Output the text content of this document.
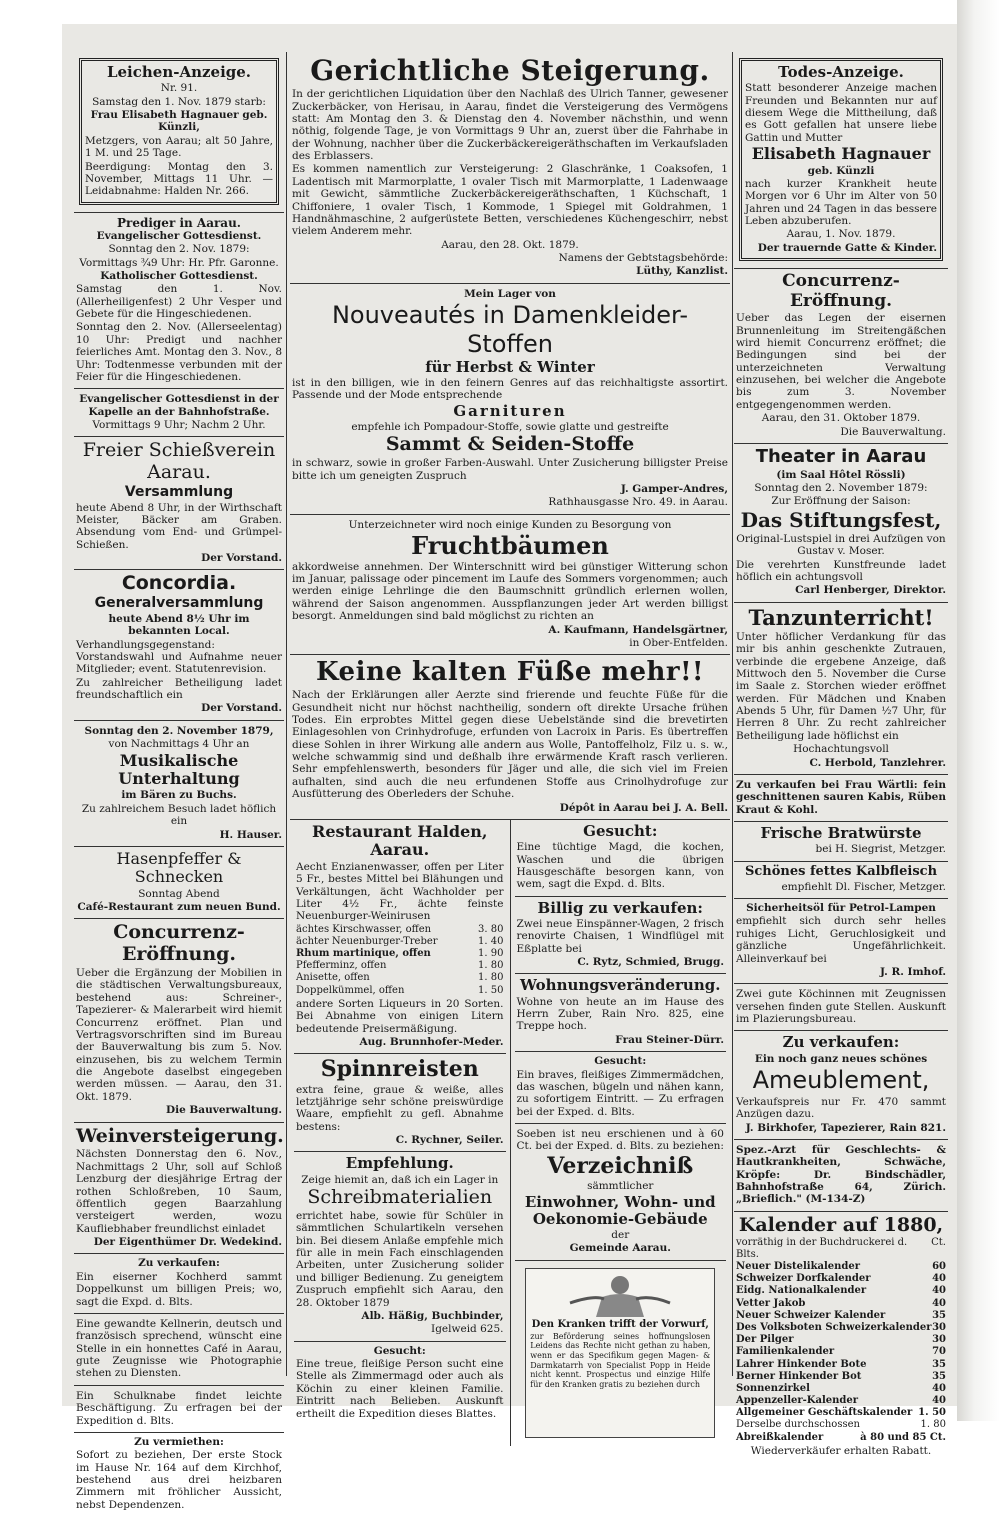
Leichen-Anzeige.

Nr. 91.

Samstag den 1. Nov. 1879 starb:

Frau Elisabeth Hagnauer geb. Künzli,

Metzgers, von Aarau; alt 50 Jahre, 1 M. und 25 Tage.

Beerdigung: Montag den 3. November, Mittags 11 Uhr. — Leidabnahme: Halden Nr. 266.

Prediger in Aarau.
Evangelischer Gottesdienst.

Sonntag den 2. Nov. 1879:

Vormittags ¾9 Uhr: Hr. Pfr. Garonne.

Katholischer Gottesdienst.

Samstag den 1. Nov. (Allerheiligenfest) 2 Uhr Vesper und Gebete für die Hingeschiedenen.

Sonntag den 2. Nov. (Allerseelentag) 10 Uhr: Predigt und nachher feierliches Amt. Montag den 3. Nov., 8 Uhr: Todtenmesse verbunden mit der Feier für die Hingeschiedenen.

Evangelischer Gottesdienst in der Kapelle an der Bahnhofstraße.

Vormittags 9 Uhr; Nachm 2 Uhr.

Freier Schießverein Aarau.
Versammlung

heute Abend 8 Uhr, in der Wirthschaft Meister, Bäcker am Graben. Absendung vom End- und Grümpel-Schießen.

Der Vorstand.

Concordia.
Generalversammlung

heute Abend 8½ Uhr im bekannten Local.

Verhandlungsgegenstand: Vorstandswahl und Aufnahme neuer Mitglieder; event. Statutenrevision.

Zu zahlreicher Betheiligung ladet freundschaftlich ein

Der Vorstand.

Sonntag den 2. November 1879,

von Nachmittags 4 Uhr an

Musikalische Unterhaltung

im Bären zu Buchs.

Zu zahlreichem Besuch ladet höflich ein

H. Hauser.

Hasenpfeffer & Schnecken

Sonntag Abend

Café-Restaurant zum neuen Bund.

Concurrenz-Eröffnung.

Ueber die Ergänzung der Mobilien in die städtischen Verwaltungsbureaux, bestehend aus: Schreiner-, Tapezierer- & Malerarbeit wird hiemit Concurrenz eröffnet. Plan und Vertragsvorschriften sind im Bureau der Bauverwaltung bis zum 5. Nov. einzusehen, bis zu welchem Termin die Angebote daselbst eingegeben werden müssen. — Aarau, den 31. Okt. 1879.

Die Bauverwaltung.

Weinversteigerung.

Nächsten Donnerstag den 6. Nov., Nachmittags 2 Uhr, soll auf Schloß Lenzburg der diesjährige Ertrag der rothen Schloßreben, 10 Saum, öffentlich gegen Baarzahlung versteigert werden, wozu Kaufliebhaber freundlichst einladet

Der Eigenthümer Dr. Wedekind.

Zu verkaufen:

Ein eiserner Kochherd sammt Doppelkunst um billigen Preis; wo, sagt die Expd. d. Blts.

Eine gewandte Kellnerin, deutsch und französisch sprechend, wünscht eine Stelle in ein honnettes Café in Aarau, gute Zeugnisse wie Photographie stehen zu Diensten.

Ein Schulknabe findet leichte Beschäftigung. Zu erfragen bei der Expedition d. Blts.

Zu vermiethen:

Sofort zu beziehen, Der erste Stock im Hause Nr. 164 auf dem Kirchhof, bestehend aus drei heizbaren Zimmern mit fröhlicher Aussicht, nebst Dependenzen.

Gerichtliche Steigerung.

In der gerichtlichen Liquidation über den Nachlaß des Ulrich Tanner, gewesener Zuckerbäcker, von Herisau, in Aarau, findet die Versteigerung des Vermögens statt: Am Montag den 3. & Dienstag den 4. November nächsthin, und wenn nöthig, folgende Tage, je von Vormittags 9 Uhr an, zuerst über die Fahrhabe in der Wohnung, nachher über die Zuckerbäckereigeräthschaften im Verkaufsladen des Erblassers.

Es kommen namentlich zur Versteigerung: 2 Glaschränke, 1 Coaksofen, 1 Ladentisch mit Marmorplatte, 1 ovaler Tisch mit Marmorplatte, 1 Ladenwaage mit Gewicht, sämmtliche Zuckerbäckereigeräthschaften, 1 Küchschaft, 1 Chiffoniere, 1 ovaler Tisch, 1 Kommode, 1 Spiegel mit Goldrahmen, 1 Handnähmaschine, 2 aufgerüstete Betten, verschiedenes Küchengeschirr, nebst vielem Anderem mehr.

Aarau, den 28. Okt. 1879.

Namens der Gebtstagsbehörde:

Lüthy, Kanzlist.

Mein Lager von

Nouveautés in Damenkleider-Stoffen
für Herbst & Winter

ist in den billigen, wie in den feinern Genres auf das reichhaltigste assortirt. Passende und der Mode entsprechende

Garnituren

empfehle ich Pompadour-Stoffe, sowie glatte und gestreifte

Sammt & Seiden-Stoffe

in schwarz, sowie in großer Farben-Auswahl. Unter Zusicherung billigster Preise bitte ich um geneigten Zuspruch

J. Gamper-Andres,

Rathhausgasse Nro. 49. in Aarau.

Unterzeichneter wird noch einige Kunden zu Besorgung von

Fruchtbäumen

akkordweise annehmen. Der Winterschnitt wird bei günstiger Witterung schon im Januar, palissage oder pincement im Laufe des Sommers vorgenommen; auch werden einige Lehrlinge die den Baumschnitt gründlich erlernen wollen, während der Saison angenommen. Ausspflanzungen jeder Art werden billigst besorgt. Anmeldungen sind bald möglichst zu richten an

A. Kaufmann, Handelsgärtner,

in Ober-Entfelden.

Keine kalten Füße mehr!!

Nach der Erklärungen aller Aerzte sind frierende und feuchte Füße für die Gesundheit nicht nur höchst nachtheilig, sondern oft direkte Ursache frühen Todes. Ein erprobtes Mittel gegen diese Uebelstände sind die brevetirten Einlagesohlen von Crinhydrofuge, erfunden von Lacroix in Paris. Es übertreffen diese Sohlen in ihrer Wirkung alle andern aus Wolle, Pantoffelholz, Filz u. s. w., welche schwammig sind und deßhalb ihre erwärmende Kraft rasch verlieren. Sehr empfehlenswerth, besonders für Jäger und alle, die sich viel im Freien aufhalten, sind auch die neu erfundenen Stoffe aus Crinolhydrofuge zur Ausfütterung des Oberleders der Schuhe.

Dépôt in Aarau bei J. A. Bell.

Restaurant Halden, Aarau.

Aecht Enzianenwasser, offen per Liter 5 Fr., bestes Mittel bei Blähungen und Verkältungen, ächt Wachholder per Liter 4½ Fr., ächte feinste Neuenburger-Weinirusen

ächtes Kirschwasser, offen	3. 80
ächter Neuenburger-Treber	1. 40
Rhum martinique, offen	1. 90
Pfefferminz, offen	1. 80
Anisette, offen	1. 80
Doppelkümmel, offen	1. 50

andere Sorten Liqueurs in 20 Sorten. Bei Abnahme von einigen Litern bedeutende Preisermäßigung.

Aug. Brunnhofer-Meder.

Spinnreisten

extra feine, graue & weiße, alles letztjährige sehr schöne preiswürdige Waare, empfiehlt zu gefl. Abnahme bestens:

C. Rychner, Seiler.

Empfehlung.

Zeige hiemit an, daß ich ein Lager in

Schreibmaterialien

errichtet habe, sowie für Schüler in sämmtlichen Schulartikeln versehen bin. Bei diesem Anlaße empfehle mich für alle in mein Fach einschlagenden Arbeiten, unter Zusicherung solider und billiger Bedienung. Zu geneigtem Zuspruch empfiehlt sich Aarau, den 28. Oktober 1879

Alb. Häßig, Buchbinder,

Igelweid 625.

Gesucht:

Eine treue, fleißige Person sucht eine Stelle als Zimmermagd oder auch als Köchin zu einer kleinen Familie. Eintritt nach Belieben. Auskunft ertheilt die Expedition dieses Blattes.

Gesucht:

Eine tüchtige Magd, die kochen, Waschen und die übrigen Hausgeschäfte besorgen kann, von wem, sagt die Expd. d. Blts.

Billig zu verkaufen:

Zwei neue Einspänner-Wagen, 2 frisch renovirte Chaisen, 1 Windflügel mit Eßplatte bei

C. Rytz, Schmied, Brugg.

Wohnungsveränderung.

Wohne von heute an im Hause des Herrn Zuber, Rain Nro. 825, eine Treppe hoch.

Frau Steiner-Dürr.

Gesucht:

Ein braves, fleißiges Zimmermädchen, das waschen, bügeln und nähen kann, zu sofortigem Eintritt. — Zu erfragen bei der Exped. d. Blts.

Soeben ist neu erschienen und à 60 Ct. bei der Exped. d. Blts. zu beziehen:

Verzeichniß

sämmtlicher

Einwohner, Wohn- und Oekonomie-Gebäude

der

Gemeinde Aarau.

Den Kranken trifft der Vorwurf,

zur Beförderung seines hoffnungslosen Leidens das Rechte nicht gethan zu haben, wenn er das Specifikum gegen Magen- & Darmkatarrh von Specialist Popp in Heide nicht kennt. Prospectus und einzige Hilfe für den Kranken gratis zu beziehen durch

Todes-Anzeige.

Statt besonderer Anzeige machen Freunden und Bekannten nur auf diesem Wege die Mittheilung, daß es Gott gefallen hat unsere liebe Gattin und Mutter

Elisabeth Hagnauer

geb. Künzli

nach kurzer Krankheit heute Morgen vor 6 Uhr im Alter von 50 Jahren und 24 Tagen in das bessere Leben abzuberufen.

Aarau, 1. Nov. 1879.

Der trauernde Gatte & Kinder.

Concurrenz-Eröffnung.

Ueber das Legen der eisernen Brunnenleitung im Streitengäßchen wird hiemit Concurrenz eröffnet; die Bedingungen sind bei der unterzeichneten Verwaltung einzusehen, bei welcher die Angebote bis zum 3. November entgegengenommen werden.

Aarau, den 31. Oktober 1879.

Die Bauverwaltung.

Theater in Aarau

(im Saal Hôtel Rössli)

Sonntag den 2. November 1879:

Zur Eröffnung der Saison:

Das Stiftungsfest,

Original-Lustspiel in drei Aufzügen von Gustav v. Moser.

Die verehrten Kunstfreunde ladet höflich ein achtungsvoll

Carl Henberger, Direktor.

Tanzunterricht!

Unter höflicher Verdankung für das mir bis anhin geschenkte Zutrauen, verbinde die ergebene Anzeige, daß Mittwoch den 5. November die Curse im Saale z. Storchen wieder eröffnet werden. Für Mädchen und Knaben Abends 5 Uhr, für Damen ½7 Uhr, für Herren 8 Uhr. Zu recht zahlreicher Betheiligung lade höflichst ein

Hochachtungsvoll

C. Herbold, Tanzlehrer.

Zu verkaufen bei Frau Wärtli: fein geschnittenen sauren Kabis, Rüben Kraut & Kohl.

Frische Bratwürste

bei H. Siegrist, Metzger.

Schönes fettes Kalbfleisch

empfiehlt Dl. Fischer, Metzger.

Sicherheitsöl für Petrol-Lampen

empfiehlt sich durch sehr helles ruhiges Licht, Geruchlosigkeit und gänzliche Ungefährlichkeit. Alleinverkauf bei

J. R. Imhof.

Zwei gute Köchinnen mit Zeugnissen versehen finden gute Stellen. Auskunft im Plazierungsbureau.

Zu verkaufen:

Ein noch ganz neues schönes

Ameublement,

Verkaufspreis nur Fr. 470 sammt Anzügen dazu.

J. Birkhofer, Tapezierer, Rain 821.

Spez.-Arzt für Geschlechts- & Hautkrankheiten, Schwäche, Kröpfe: Dr. Bindschädler, Bahnhofstraße 64, Zürich. „Brieflich." (M-134-Z)

Kalender auf 1880,
vorräthig in der Buchdruckerei d. Blts.
Ct.
Neuer Distelikalender	60
Schweizer Dorfkalender	40
Eidg. Nationalkalender	40
Vetter Jakob	40
Neuer Schweizer Kalender	35
Des Volksboten Schweizerkalender 30
Der Pilger	30
Familienkalender	70
Lahrer Hinkender Bote	35
Berner Hinkender Bot	35
Sonnenzirkel	40
Appenzeller-Kalender	40
Allgemeiner Geschäftskalender 1. 50
Derselbe durchschossen	1. 80
Abreißkalender	à 80 und 85 Ct.

Wiederverkäufer erhalten Rabatt.
